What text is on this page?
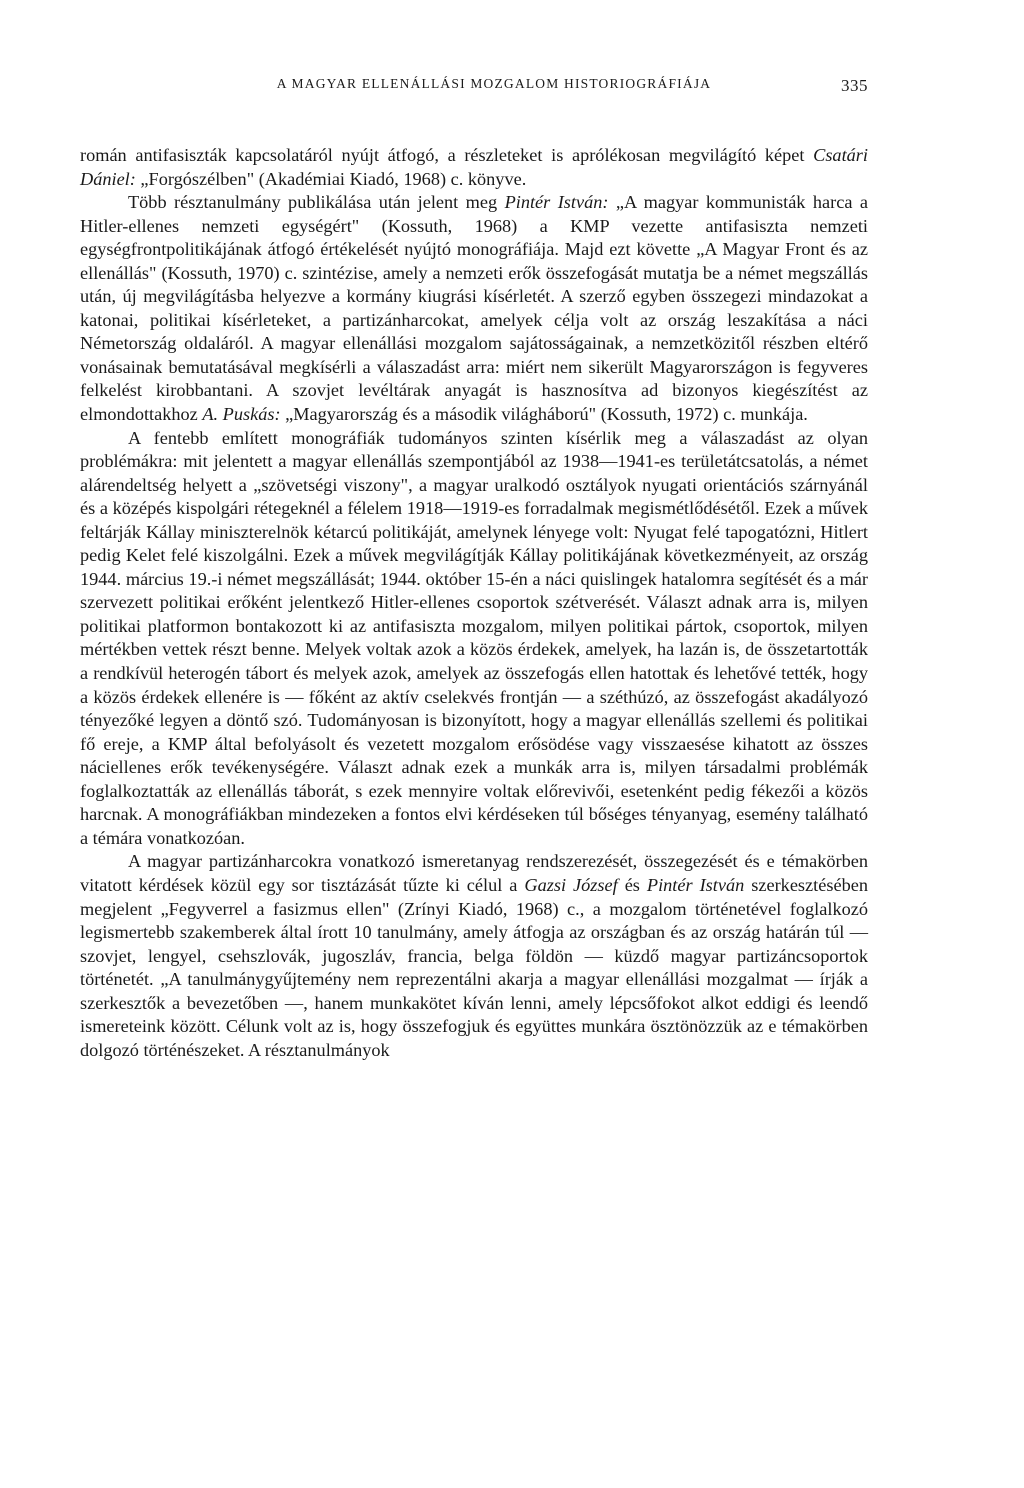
A MAGYAR ELLENÁLLÁSI MOZGALOM HISTORIOGRÁFIÁJA	335

román antifasiszták kapcsolatáról nyújt átfogó, a részleteket is aprólékosan megvilágító képet Csatári Dániel: „Forgószélben" (Akadémiai Kiadó, 1968) c. könyve.

Több résztanulmány publikálása után jelent meg Pintér István: „A magyar kommunisták harca a Hitler-ellenes nemzeti egységért" (Kossuth, 1968) a KMP vezette antifasiszta nemzeti egységfrontpolitikájának átfogó értékelését nyújtó monográfiája. Majd ezt követte „A Magyar Front és az ellenállás" (Kossuth, 1970) c. szintézise, amely a nemzeti erők összefogását mutatja be a német megszállás után, új megvilágításba helyezve a kormány kiugrási kísérletét. A szerző egyben összegezi mindazokat a katonai, politikai kísérleteket, a partizánharcokat, amelyek célja volt az ország leszakítása a náci Németország oldaláról. A magyar ellenállási mozgalom sajátosságainak, a nemzetközitől részben eltérő vonásainak bemutatásával megkísérli a válaszadást arra: miért nem sikerült Magyarországon is fegyveres felkelést kirobbantani. A szovjet levéltárak anyagát is hasznosítva ad bizonyos kiegészítést az elmondottakhoz A. Puskás: „Magyarország és a második világháború" (Kossuth, 1972) c. munkája.

A fentebb említett monográfiák tudományos szinten kísérlik meg a válaszadást az olyan problémákra: mit jelentett a magyar ellenállás szempontjából az 1938—1941-es területátcsatolás, a német alárendeltség helyett a „szövetségi viszony", a magyar uralkodó osztályok nyugati orientációs szárnyánál és a középés kispolgári rétegeknél a félelem 1918—1919-es forradalmak megismétlődésétől. Ezek a művek feltárják Kállay miniszterelnök kétarcú politikáját, amelynek lényege volt: Nyugat felé tapogatózni, Hitlert pedig Kelet felé kiszolgálni. Ezek a művek megvilágítják Kállay politikájának következményeit, az ország 1944. március 19.-i német megszállását; 1944. október 15-én a náci quislingek hatalomra segítését és a már szervezett politikai erőként jelentkező Hitler-ellenes csoportok szétverését. Választ adnak arra is, milyen politikai platformon bontakozott ki az antifasiszta mozgalom, milyen politikai pártok, csoportok, milyen mértékben vettek részt benne. Melyek voltak azok a közös érdekek, amelyek, ha lazán is, de összetartották a rendkívül heterogén tábort és melyek azok, amelyek az összefogás ellen hatottak és lehetővé tették, hogy a közös érdekek ellenére is — főként az aktív cselekvés frontján — a széthúzó, az összefogást akadályozó tényezőké legyen a döntő szó. Tudományosan is bizonyított, hogy a magyar ellenállás szellemi és politikai fő ereje, a KMP által befolyásolt és vezetett mozgalom erősödése vagy visszaesése kihatott az összes náciellenes erők tevékenységére. Választ adnak ezek a munkák arra is, milyen társadalmi problémák foglalkoztatták az ellenállás táborát, s ezek mennyire voltak előrevivői, esetenként pedig fékezői a közös harcnak. A monográfiákban mindezeken a fontos elvi kérdéseken túl bőséges tényanyag, esemény található a témára vonatkozóan.

A magyar partizánharcokra vonatkozó ismeretanyag rendszerezését, összegezését és e témakörben vitatott kérdések közül egy sor tisztázását tűzte ki célul a Gazsi József és Pintér István szerkesztésében megjelent „Fegyverrel a fasizmus ellen" (Zrínyi Kiadó, 1968) c., a mozgalom történetével foglalkozó legismertebb szakemberek által írott 10 tanulmány, amely átfogja az országban és az ország határán túl — szovjet, lengyel, csehszlovák, jugoszláv, francia, belga földön — küzdő magyar partizáncsoportok történetét. „A tanulmánygyűjtemény nem reprezentálni akarja a magyar ellenállási mozgalmat — írják a szerkesztők a bevezetőben —, hanem munkakötet kíván lenni, amely lépcsőfokot alkot eddigi és leendő ismereteink között. Célunk volt az is, hogy összefogjuk és együttes munkára ösztönözzük az e témakörben dolgozó történészeket. A résztanulmányok
